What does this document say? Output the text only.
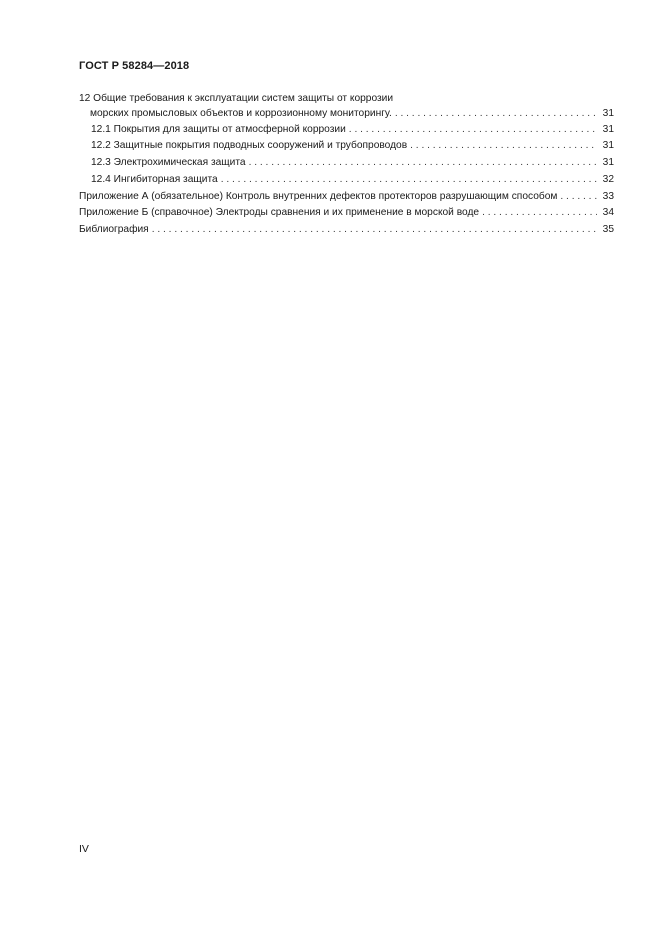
ГОСТ Р 58284—2018
12 Общие требования к эксплуатации систем защиты от коррозии
морских промысловых объектов и коррозионному мониторингу. . . .	31
12.1 Покрытия для защиты от атмосферной коррозии . . .	31
12.2 Защитные покрытия подводных сооружений и трубопроводов . . .	31
12.3 Электрохимическая защита . . .	31
12.4 Ингибиторная защита . . .	32
Приложение А (обязательное) Контроль внутренних дефектов протекторов разрушающим способом . . .	33
Приложение Б (справочное) Электроды сравнения и их применение в морской воде . . .	34
Библиография . . .	35
IV
